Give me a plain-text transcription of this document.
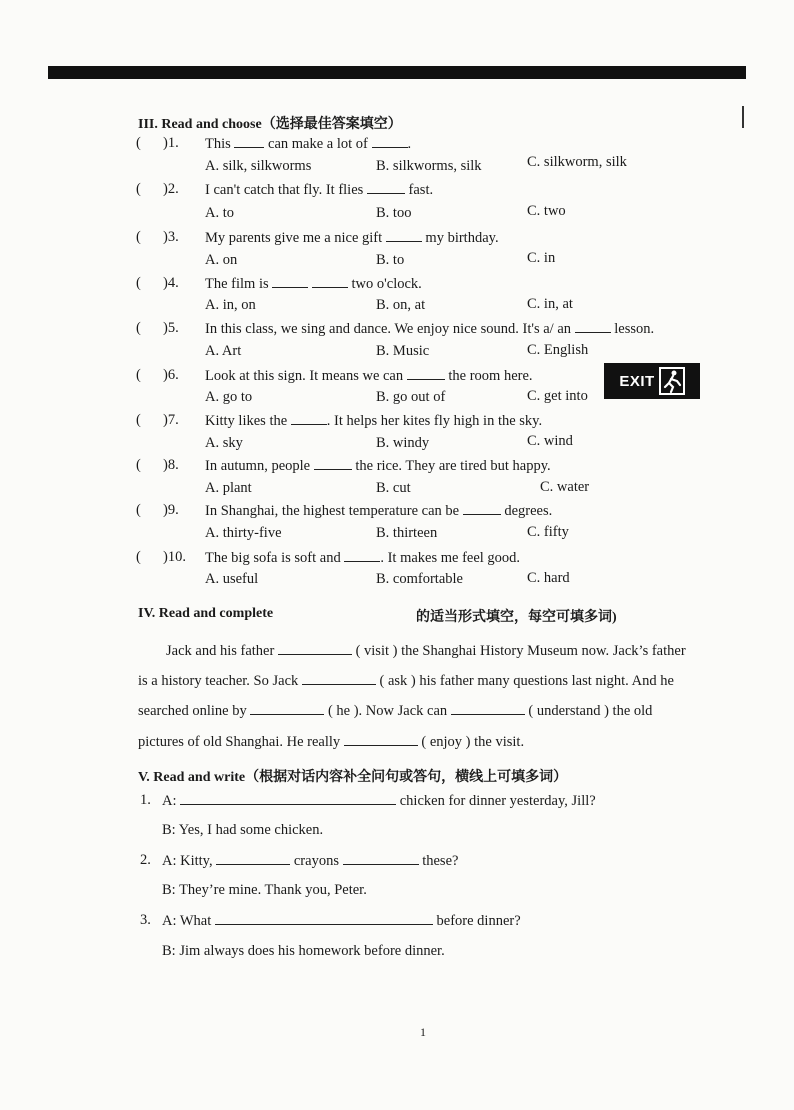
III. Read and choose（选择最佳答案填空）
( )1. This  can make a lot of .
A. silk, silkworms	B. silkworms, silk	C. silkworm, silk
( )2. I can't catch that fly. It flies	fast.
A. to	B. too	C. two
( )3. My parents give me a nice gift	my birthday.
A. on	B. to	C. in
( )4. The film is	two o'clock.
A. in, on	B. on, at	C. in, at
( )5. In this class, we sing and dance. We enjoy nice sound. It's a/ an	lesson.
A. Art	B. Music	C. English
( )6. Look at this sign. It means we can	the room here.
A. go to	B. go out of	C. get into
EXIT
( )7. Kitty likes the . It helps her kites fly high in the sky.
A. sky	B. windy	C. wind
( )8. In autumn, people	the rice. They are tired but happy.
A. plant	B. cut	C. water
( )9. In Shanghai, the highest temperature can be	degrees.
A. thirty-five	B. thirteen	C. fifty
( )10. The big sofa is soft and . It makes me feel good.
A. useful	B. comfortable	C. hard
IV. Read and complete	的适当形式填空，每空可填多词)
Jack and his father	( visit ) the Shanghai History Museum now. Jack’s father
is a history teacher. So Jack	( ask ) his father many questions last night. And he
searched online by	( he ). Now Jack can	( understand ) the old
pictures of old Shanghai. He really	( enjoy ) the visit.
V. Read and write（根据对话内容补全问句或答句，横线上可填多词）
1. A:	chicken for dinner yesterday, Jill?
B: Yes, I had some chicken.
2. A: Kitty,	crayons	these?
B: They’re mine. Thank you, Peter.
3. A: What	before dinner?
B: Jim always does his homework before dinner.
1
